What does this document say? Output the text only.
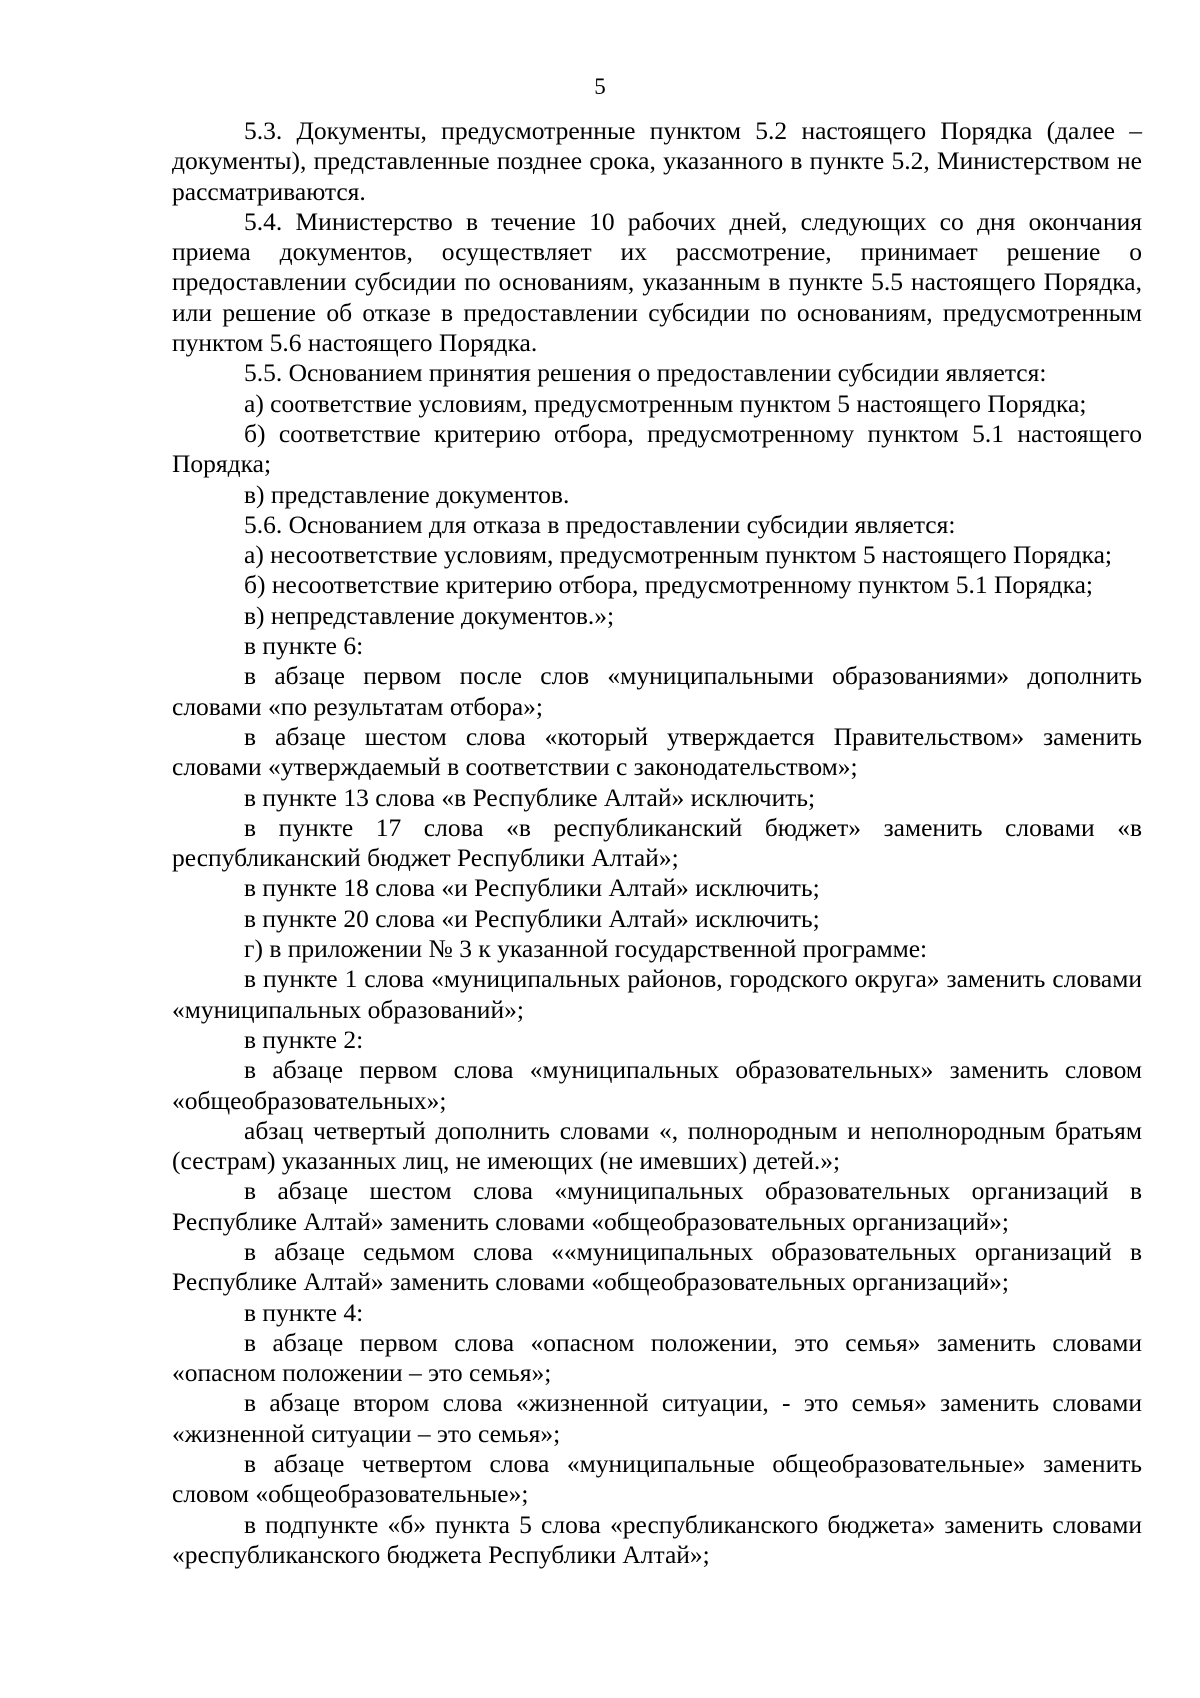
5

5.3. Документы, предусмотренные пунктом 5.2 настоящего Порядка (далее – документы), представленные позднее срока, указанного в пункте 5.2, Министерством не рассматриваются.

5.4. Министерство в течение 10 рабочих дней, следующих со дня окончания приема документов, осуществляет их рассмотрение, принимает решение о предоставлении субсидии по основаниям, указанным в пункте 5.5 настоящего Порядка, или решение об отказе в предоставлении субсидии по основаниям, предусмотренным пунктом 5.6 настоящего Порядка.

5.5. Основанием принятия решения о предоставлении субсидии является:

а) соответствие условиям, предусмотренным пунктом 5 настоящего Порядка;

б) соответствие критерию отбора, предусмотренному пунктом 5.1 настоящего Порядка;

в) представление документов.

5.6. Основанием для отказа в предоставлении субсидии является:

а) несоответствие условиям, предусмотренным пунктом 5 настоящего Порядка;

б) несоответствие критерию отбора, предусмотренному пунктом 5.1 Порядка;

в) непредставление документов.»;

в пункте 6:

в абзаце первом после слов «муниципальными образованиями» дополнить словами «по результатам отбора»;

в абзаце шестом слова «который утверждается Правительством» заменить словами «утверждаемый в соответствии с законодательством»;

в пункте 13 слова «в Республике Алтай» исключить;

в пункте 17 слова «в республиканский бюджет» заменить словами «в республиканский бюджет Республики Алтай»;

в пункте 18 слова «и Республики Алтай» исключить;

в пункте 20 слова «и Республики Алтай» исключить;

г) в приложении № 3 к указанной государственной программе:

в пункте 1 слова «муниципальных районов, городского округа» заменить словами «муниципальных образований»;

в пункте 2:

в абзаце первом слова «муниципальных образовательных» заменить словом «общеобразовательных»;

абзац четвертый дополнить словами «, полнородным и неполнородным братьям (сестрам) указанных лиц, не имеющих (не имевших) детей.»;

в абзаце шестом слова «муниципальных образовательных организаций в Республике Алтай» заменить словами «общеобразовательных организаций»;

в абзаце седьмом слова ««муниципальных образовательных организаций в Республике Алтай» заменить словами «общеобразовательных организаций»;

в пункте 4:

в абзаце первом слова «опасном положении, это семья» заменить словами «опасном положении – это семья»;

в абзаце втором слова «жизненной ситуации, - это семья» заменить словами «жизненной ситуации – это семья»;

в абзаце четвертом слова «муниципальные общеобразовательные» заменить словом «общеобразовательные»;

в подпункте «б» пункта 5 слова «республиканского бюджета» заменить словами «республиканского бюджета Республики Алтай»;
